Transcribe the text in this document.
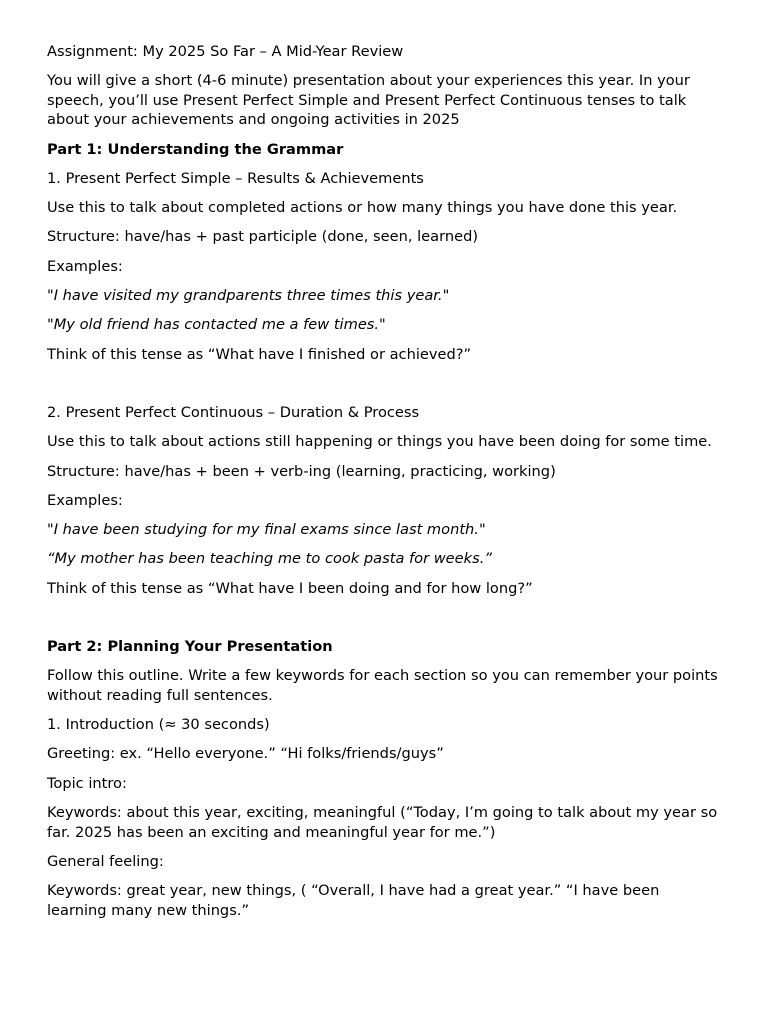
Assignment: My 2025 So Far – A Mid-Year Review

You will give a short (4-6 minute) presentation about your experiences this year. In your speech, you’ll use Present Perfect Simple and Present Perfect Continuous tenses to talk about your achievements and ongoing activities in 2025

Part 1: Understanding the Grammar

1. Present Perfect Simple – Results & Achievements

Use this to talk about completed actions or how many things you have done this year.

Structure: have/has + past participle (done, seen, learned)

Examples:

"I have visited my grandparents three times this year."

"My old friend has contacted me a few times."

Think of this tense as “What have I finished or achieved?”

2. Present Perfect Continuous – Duration & Process

Use this to talk about actions still happening or things you have been doing for some time.

Structure: have/has + been + verb-ing (learning, practicing, working)

Examples:

"I have been studying for my final exams since last month."

“My mother has been teaching me to cook pasta for weeks.”

Think of this tense as “What have I been doing and for how long?”

Part 2: Planning Your Presentation

Follow this outline. Write a few keywords for each section so you can remember your points without reading full sentences.

1. Introduction (≈ 30 seconds)

Greeting: ex. “Hello everyone.” “Hi folks/friends/guys”

Topic intro:

Keywords: about this year, exciting, meaningful (“Today, I’m going to talk about my year so far. 2025 has been an exciting and meaningful year for me.”)

General feeling:

Keywords: great year, new things, ( “Overall, I have had a great year.” “I have been learning many new things.”
